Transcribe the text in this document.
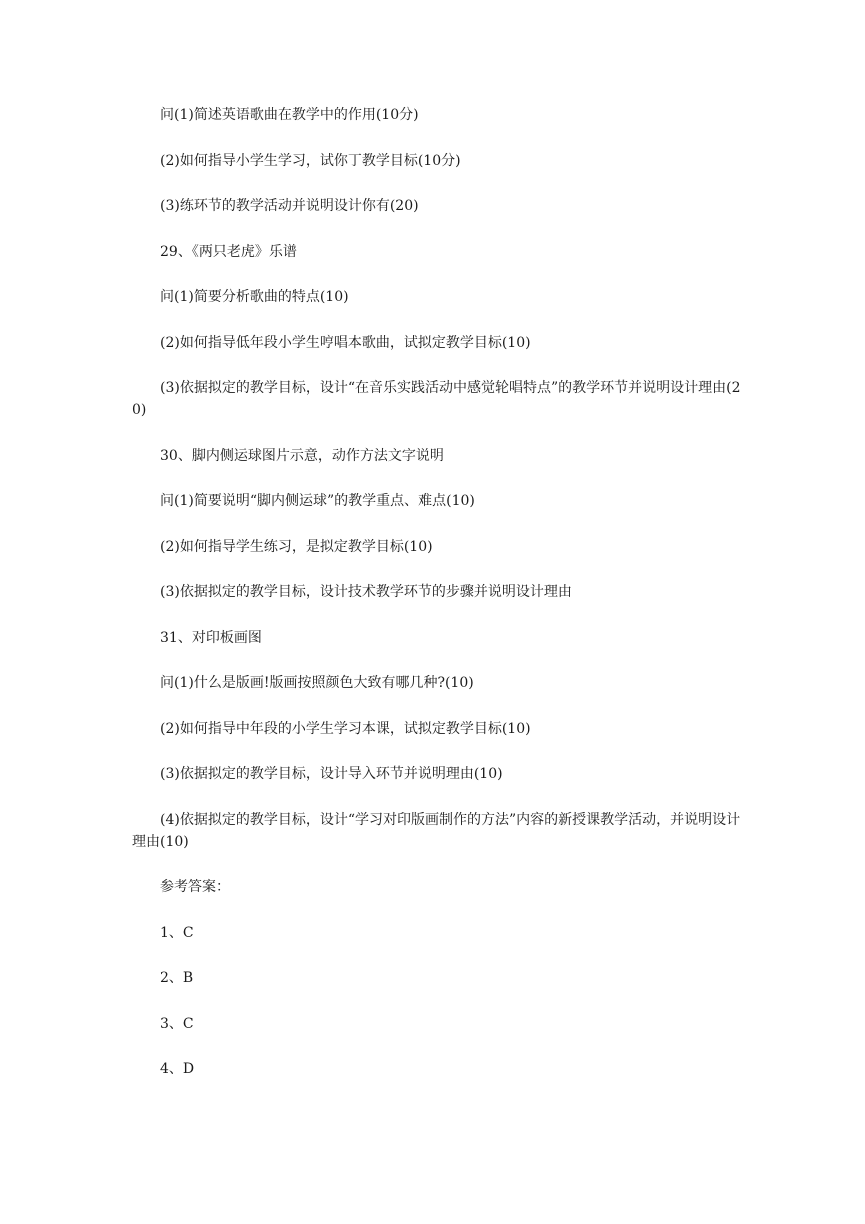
问(1)简述英语歌曲在教学中的作用(10分)

(2)如何指导小学生学习，试你丁教学目标(10分)

(3)练环节的教学活动并说明设计你有(20)

29、《两只老虎》乐谱

问(1)简要分析歌曲的特点(10)

(2)如何指导低年段小学生哼唱本歌曲，试拟定教学目标(10)

(3)依据拟定的教学目标，设计“在音乐实践活动中感觉轮唱特点”的教学环节并说明设计理由(20)

30、脚内侧运球图片示意，动作方法文字说明

问(1)简要说明“脚内侧运球”的教学重点、难点(10)

(2)如何指导学生练习，是拟定教学目标(10)

(3)依据拟定的教学目标，设计技术教学环节的步骤并说明设计理由

31、对印板画图

问(1)什么是版画!版画按照颜色大致有哪几种?(10)

(2)如何指导中年段的小学生学习本课，试拟定教学目标(10)

(3)依据拟定的教学目标，设计导入环节并说明理由(10)

(4)依据拟定的教学目标，设计“学习对印版画制作的方法”内容的新授课教学活动，并说明设计理由(10)

参考答案：

1、C

2、B

3、C

4、D
